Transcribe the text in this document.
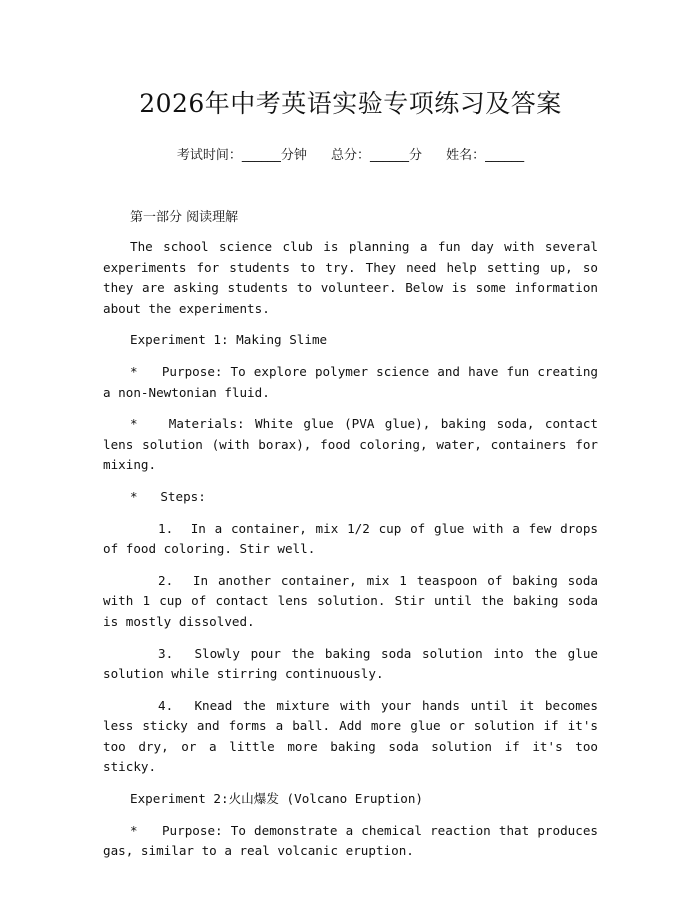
2026年中考英语实验专项练习及答案
考试时间：______分钟 总分：______分 姓名：______
第一部分 阅读理解

The school science club is planning a fun day with several experiments for students to try. They need help setting up, so they are asking students to volunteer. Below is some information about the experiments.

Experiment 1: Making Slime

*   Purpose: To explore polymer science and have fun creating a non-Newtonian fluid.

*   Materials: White glue (PVA glue), baking soda, contact lens solution (with borax), food coloring, water, containers for mixing.

*   Steps:

1.  In a container, mix 1/2 cup of glue with a few drops of food coloring. Stir well.

2.  In another container, mix 1 teaspoon of baking soda with 1 cup of contact lens solution. Stir until the baking soda is mostly dissolved.

3.  Slowly pour the baking soda solution into the glue solution while stirring continuously.

4.  Knead the mixture with your hands until it becomes less sticky and forms a ball. Add more glue or solution if it's too dry, or a little more baking soda solution if it's too sticky.

Experiment 2:火山爆发 (Volcano Eruption)

*   Purpose: To demonstrate a chemical reaction that produces gas, similar to a real volcanic eruption.
